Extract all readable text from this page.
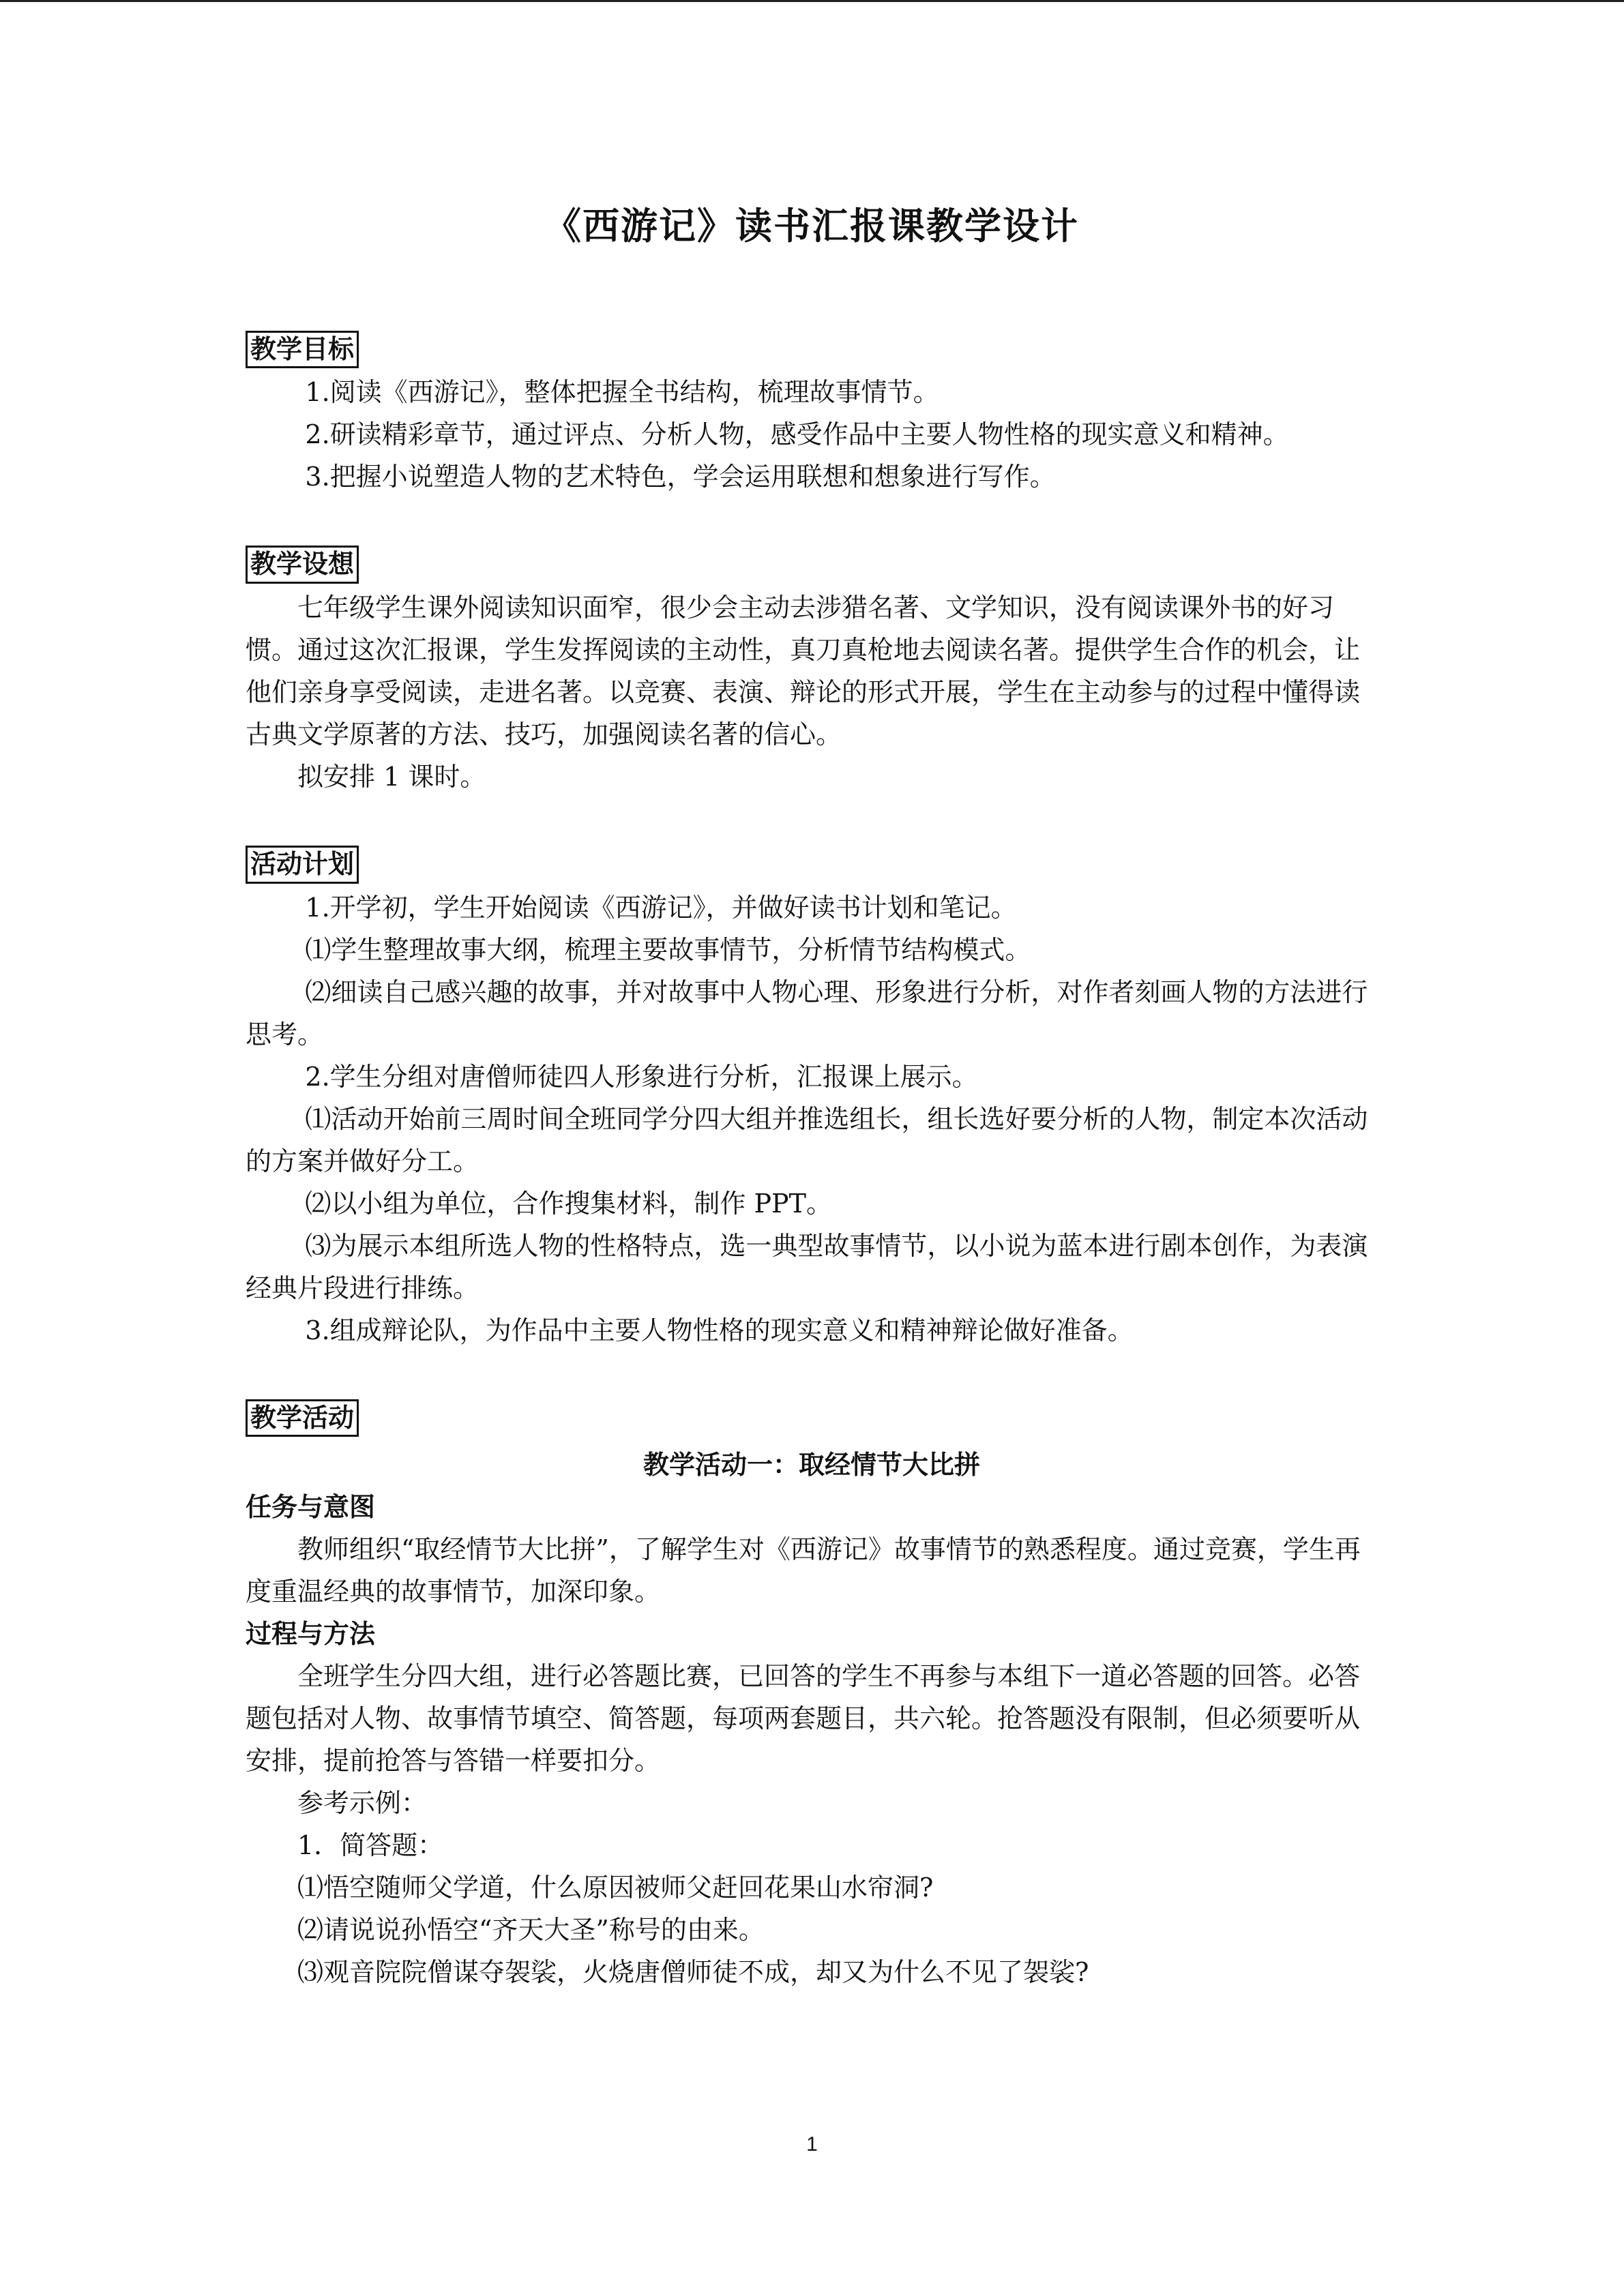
《西游记》读书汇报课教学设计
教学目标

1.阅读《西游记》，整体把握全书结构，梳理故事情节。

2.研读精彩章节，通过评点、分析人物，感受作品中主要人物性格的现实意义和精神。

3.把握小说塑造人物的艺术特色，学会运用联想和想象进行写作。

教学设想

七年级学生课外阅读知识面窄，很少会主动去涉猎名著、文学知识，没有阅读课外书的好习惯。通过这次汇报课，学生发挥阅读的主动性，真刀真枪地去阅读名著。提供学生合作的机会，让他们亲身享受阅读，走进名著。以竞赛、表演、辩论的形式开展，学生在主动参与的过程中懂得读古典文学原著的方法、技巧，加强阅读名著的信心。

拟安排 1 课时。

活动计划

1.开学初，学生开始阅读《西游记》，并做好读书计划和笔记。

⑴学生整理故事大纲，梳理主要故事情节，分析情节结构模式。

⑵细读自己感兴趣的故事，并对故事中人物心理、形象进行分析，对作者刻画人物的方法进行思考。

2.学生分组对唐僧师徒四人形象进行分析，汇报课上展示。

⑴活动开始前三周时间全班同学分四大组并推选组长，组长选好要分析的人物，制定本次活动的方案并做好分工。

⑵以小组为单位，合作搜集材料，制作 PPT。

⑶为展示本组所选人物的性格特点，选一典型故事情节，以小说为蓝本进行剧本创作，为表演经典片段进行排练。

3.组成辩论队，为作品中主要人物性格的现实意义和精神辩论做好准备。

教学活动
教学活动一：取经情节大比拼
任务与意图

教师组织“取经情节大比拼”，了解学生对《西游记》故事情节的熟悉程度。通过竞赛，学生再度重温经典的故事情节，加深印象。

过程与方法

全班学生分四大组，进行必答题比赛，已回答的学生不再参与本组下一道必答题的回答。必答题包括对人物、故事情节填空、简答题，每项两套题目，共六轮。抢答题没有限制，但必须要听从安排，提前抢答与答错一样要扣分。

参考示例：

1．简答题：

⑴悟空随师父学道，什么原因被师父赶回花果山水帘洞?

⑵请说说孙悟空“齐天大圣”称号的由来。

⑶观音院院僧谋夺袈裟，火烧唐僧师徒不成，却又为什么不见了袈裟?

1
